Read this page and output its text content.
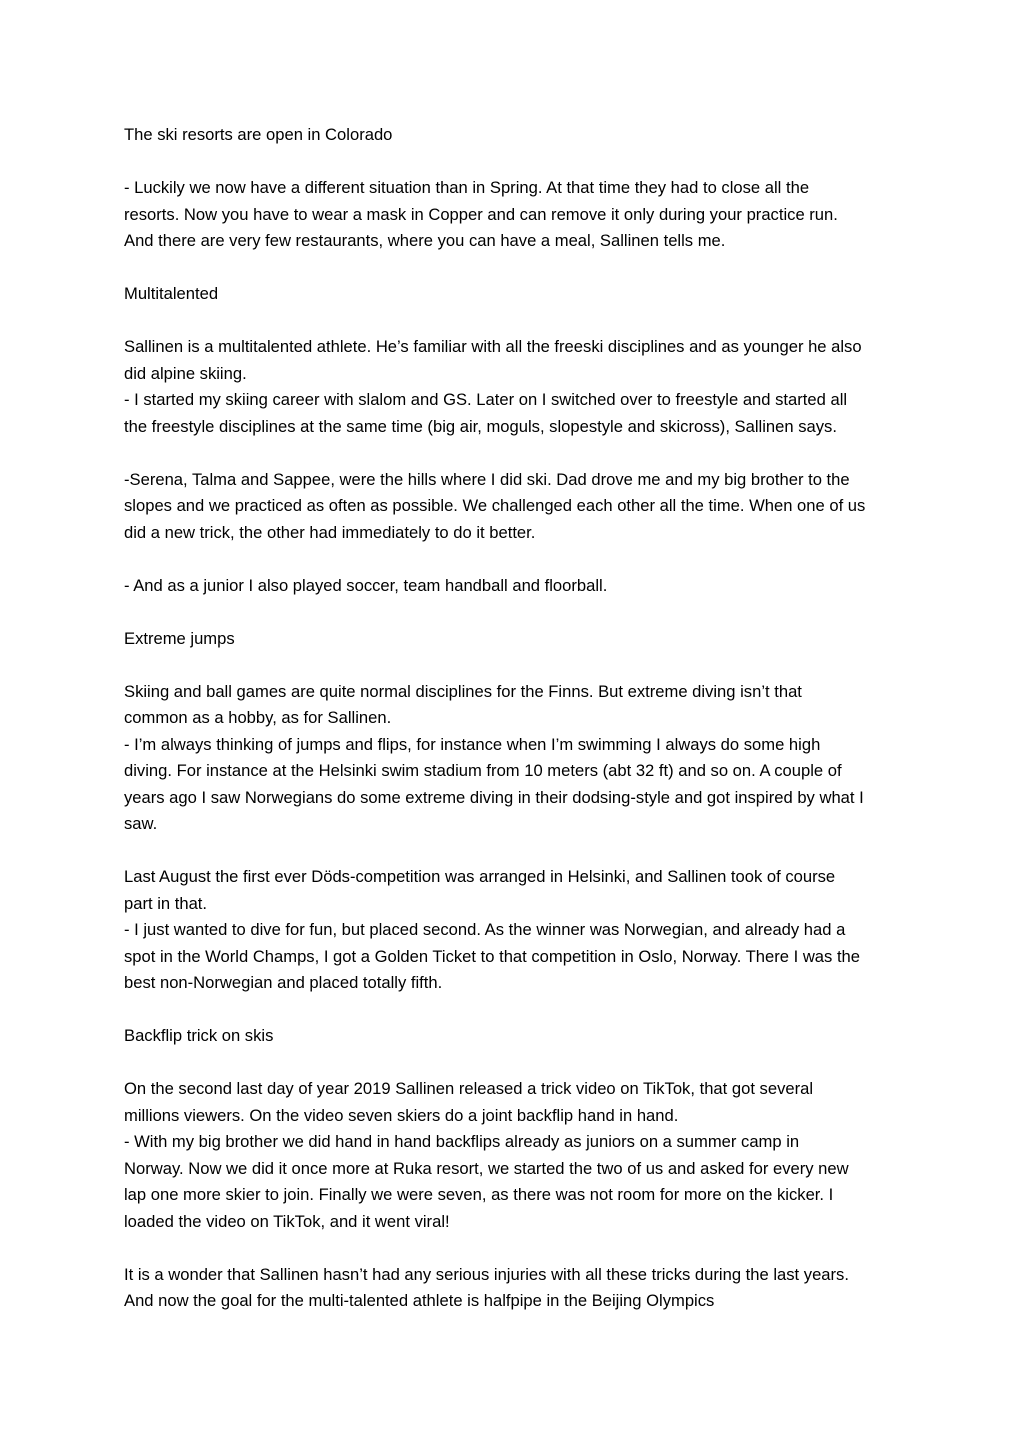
The ski resorts are open in Colorado

- Luckily we now have a different situation than in Spring. At that time they had to close all the
resorts. Now you have to wear a mask in Copper and can remove it only during your practice run.
And there are very few restaurants, where you can have a meal, Sallinen tells me.

Multitalented

Sallinen is a multitalented athlete. He’s familiar with all the freeski disciplines and as younger he also
did alpine skiing.
- I started my skiing career with slalom and GS. Later on I switched over to freestyle and started all
the freestyle disciplines at the same time (big air, moguls, slopestyle and skicross), Sallinen says.

-Serena, Talma and Sappee, were the hills where I did ski. Dad drove me and my big brother to the
slopes and we practiced as often as possible. We challenged each other all the time. When one of us
did a new trick, the other had immediately to do it better.

- And as a junior I also played soccer, team handball and floorball.

Extreme jumps

Skiing and ball games are quite normal disciplines for the Finns. But extreme diving isn’t that
common as a hobby, as for Sallinen.
- I’m always thinking of jumps and flips, for instance when I’m swimming I always do some high
diving. For instance at the Helsinki swim stadium from 10 meters (abt 32 ft) and so on. A couple of
years ago I saw Norwegians do some extreme diving in their dodsing-style and got inspired by what I
saw.

Last August the first ever Döds-competition was arranged in Helsinki, and Sallinen took of course
part in that.
- I just wanted to dive for fun, but placed second. As the winner was Norwegian, and already had a
spot in the World Champs, I got a Golden Ticket to that competition in Oslo, Norway. There I was the
best non-Norwegian and placed totally fifth.

Backflip trick on skis

On the second last day of year 2019 Sallinen released a trick video on TikTok, that got several
millions viewers. On the video seven skiers do a joint backflip hand in hand.
- With my big brother we did hand in hand backflips already as juniors on a summer camp in
Norway. Now we did it once more at Ruka resort, we started the two of us and asked for every new
lap one more skier to join. Finally we were seven, as there was not room for more on the kicker. I
loaded the video on TikTok, and it went viral!

It is a wonder that Sallinen hasn’t had any serious injuries with all these tricks during the last years.
And now the goal for the multi-talented athlete is halfpipe in the Beijing Olympics
